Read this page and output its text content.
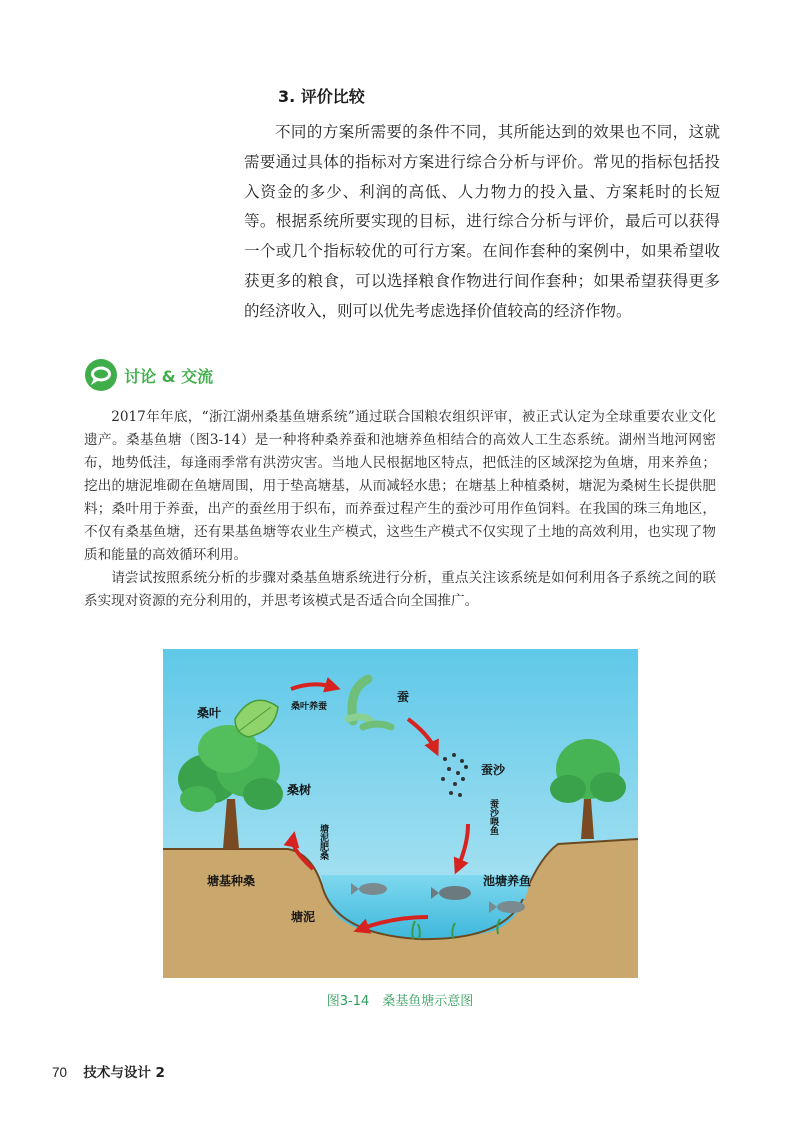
3. 评价比较
不同的方案所需要的条件不同，其所能达到的效果也不同，这就需要通过具体的指标对方案进行综合分析与评价。常见的指标包括投入资金的多少、利润的高低、人力物力的投入量、方案耗时的长短等。根据系统所要实现的目标，进行综合分析与评价，最后可以获得一个或几个指标较优的可行方案。在间作套种的案例中，如果希望收获更多的粮食，可以选择粮食作物进行间作套种；如果希望获得更多的经济收入，则可以优先考虑选择价值较高的经济作物。
讨论 & 交流

2017年年底，“浙江湖州桑基鱼塘系统”通过联合国粮农组织评审，被正式认定为全球重要农业文化遗产。桑基鱼塘（图3-14）是一种将种桑养蚕和池塘养鱼相结合的高效人工生态系统。湖州当地河网密布，地势低洼，每逢雨季常有洪涝灾害。当地人民根据地区特点，把低洼的区域深挖为鱼塘，用来养鱼；挖出的塘泥堆砌在鱼塘周围，用于垫高塘基，从而减轻水患；在塘基上种植桑树，塘泥为桑树生长提供肥料；桑叶用于养蚕，出产的蚕丝用于织布，而养蚕过程产生的蚕沙可用作鱼饲料。在我国的珠三角地区，不仅有桑基鱼塘，还有果基鱼塘等农业生产模式，这些生产模式不仅实现了土地的高效利用，也实现了物质和能量的高效循环利用。

请尝试按照系统分析的步骤对桑基鱼塘系统进行分析，重点关注该系统是如何利用各子系统之间的联系实现对资源的充分利用的，并思考该模式是否适合向全国推广。

桑叶	桑叶养蚕
蚕
蚕沙
桑树
蚕沙喂鱼
塘泥肥桑
塘基种桑	池塘养鱼
塘泥
图3-14　桑基鱼塘示意图
70 技术与设计 2
